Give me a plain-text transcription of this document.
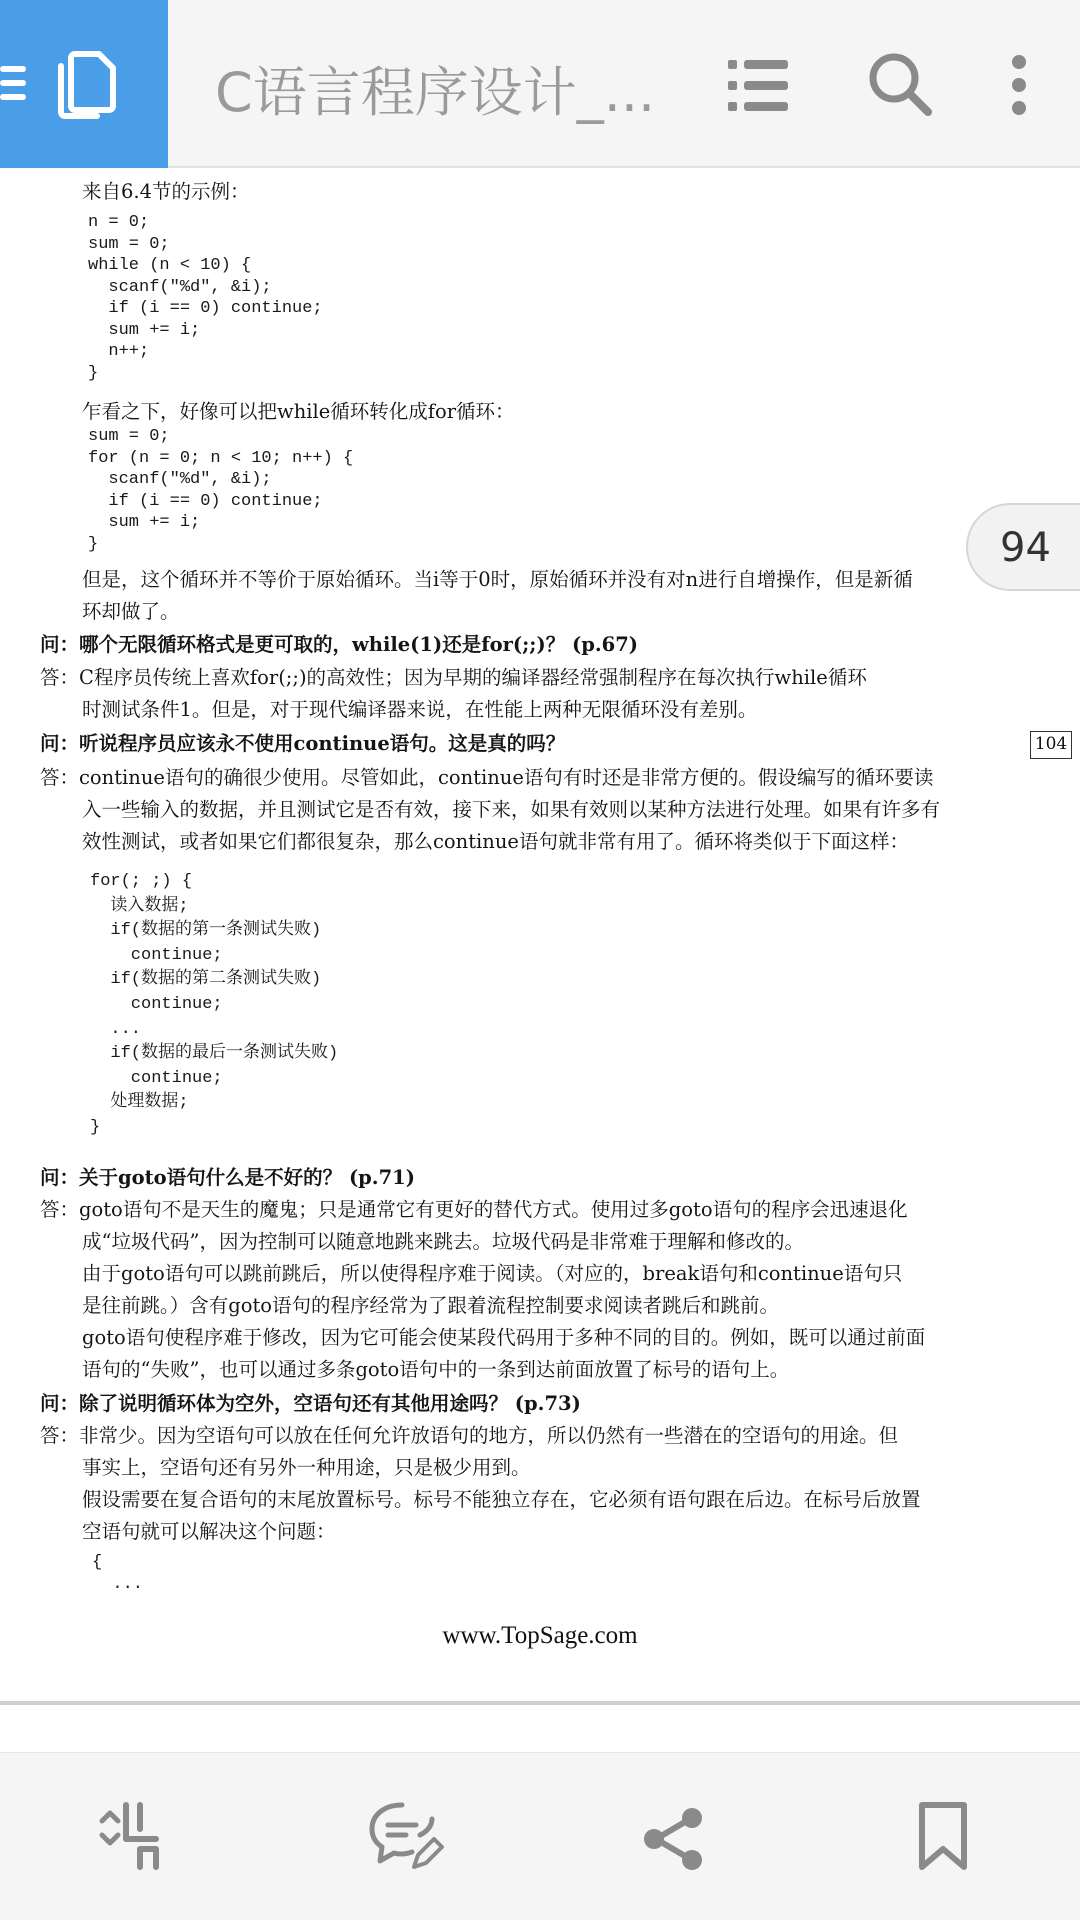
C语言程序设计_...
来自6.4节的示例：
n = 0;
sum = 0;
while (n < 10) {
scanf("%d", &i);
if (i == 0) continue;
sum += i;
n++;
}
乍看之下，好像可以把while循环转化成for循环：
sum = 0;
for (n = 0; n < 10; n++) {
scanf("%d", &i);
if (i == 0) continue;
sum += i;
}
但是，这个循环并不等价于原始循环。当i等于0时，原始循环并没有对n进行自增操作，但是新循
环却做了。
问：哪个无限循环格式是更可取的，while(1)还是for(;;)？ (p.67)
答：C程序员传统上喜欢for(;;)的高效性；因为早期的编译器经常强制程序在每次执行while循环
时测试条件1。但是，对于现代编译器来说，在性能上两种无限循环没有差别。
问：听说程序员应该永不使用continue语句。这是真的吗？
答：continue语句的确很少使用。尽管如此，continue语句有时还是非常方便的。假设编写的循环要读
入一些输入的数据，并且测试它是否有效，接下来，如果有效则以某种方法进行处理。如果有许多有
效性测试，或者如果它们都很复杂，那么continue语句就非常有用了。循环将类似于下面这样：
for(; ;) {
读入数据;
if(数据的第一条测试失败)
continue;
if(数据的第二条测试失败)
continue;
...
if(数据的最后一条测试失败)
continue;
处理数据;
}
问：关于goto语句什么是不好的？ (p.71)
答：goto语句不是天生的魔鬼；只是通常它有更好的替代方式。使用过多goto语句的程序会迅速退化
成“垃圾代码”，因为控制可以随意地跳来跳去。垃圾代码是非常难于理解和修改的。
由于goto语句可以跳前跳后，所以使得程序难于阅读。（对应的，break语句和continue语句只
是往前跳。）含有goto语句的程序经常为了跟着流程控制要求阅读者跳后和跳前。
goto语句使程序难于修改，因为它可能会使某段代码用于多种不同的目的。例如，既可以通过前面
语句的“失败”，也可以通过多条goto语句中的一条到达前面放置了标号的语句上。
问：除了说明循环体为空外，空语句还有其他用途吗？ (p.73)
答：非常少。因为空语句可以放在任何允许放语句的地方，所以仍然有一些潜在的空语句的用途。但
事实上，空语句还有另外一种用途，只是极少用到。
假设需要在复合语句的末尾放置标号。标号不能独立存在，它必须有语句跟在后边。在标号后放置
空语句就可以解决这个问题：
{
...
104
www.TopSage.com
94
